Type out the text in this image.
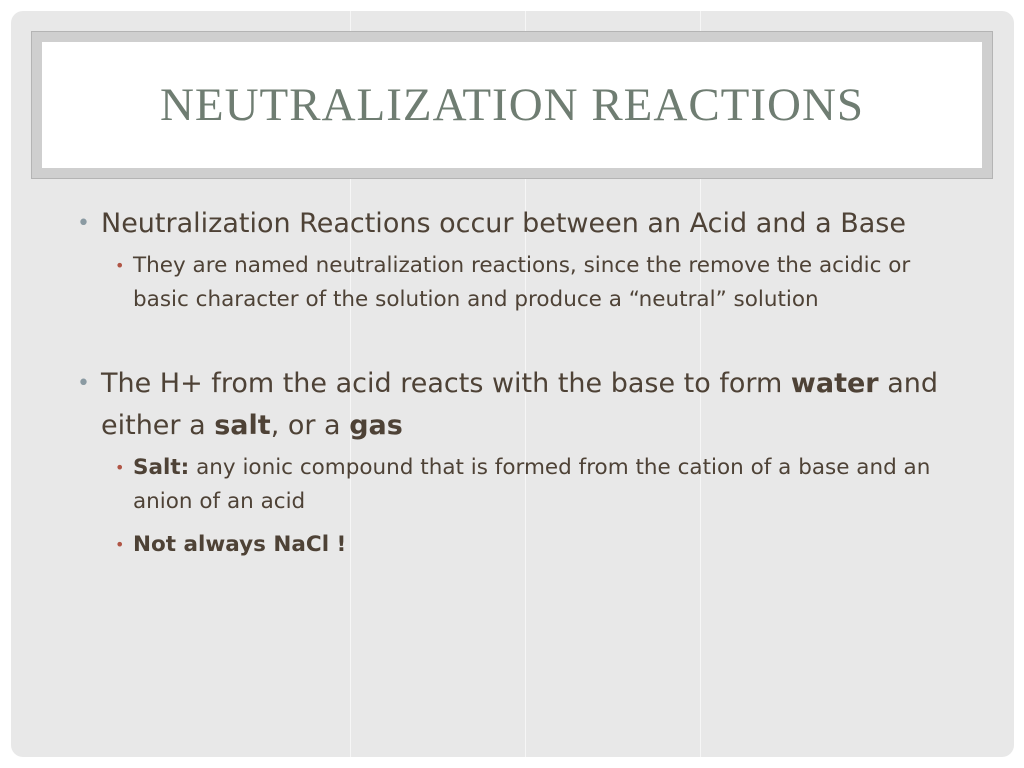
NEUTRALIZATION REACTIONS
• Neutralization Reactions occur between an Acid and a Base
• They are named neutralization reactions, since the remove the acidic or basic character of the solution and produce a “neutral” solution
• The H+ from the acid reacts with the base to form water and either a salt, or a gas
• Salt: any ionic compound that is formed from the cation of a base and an anion of an acid
• Not always NaCl !
